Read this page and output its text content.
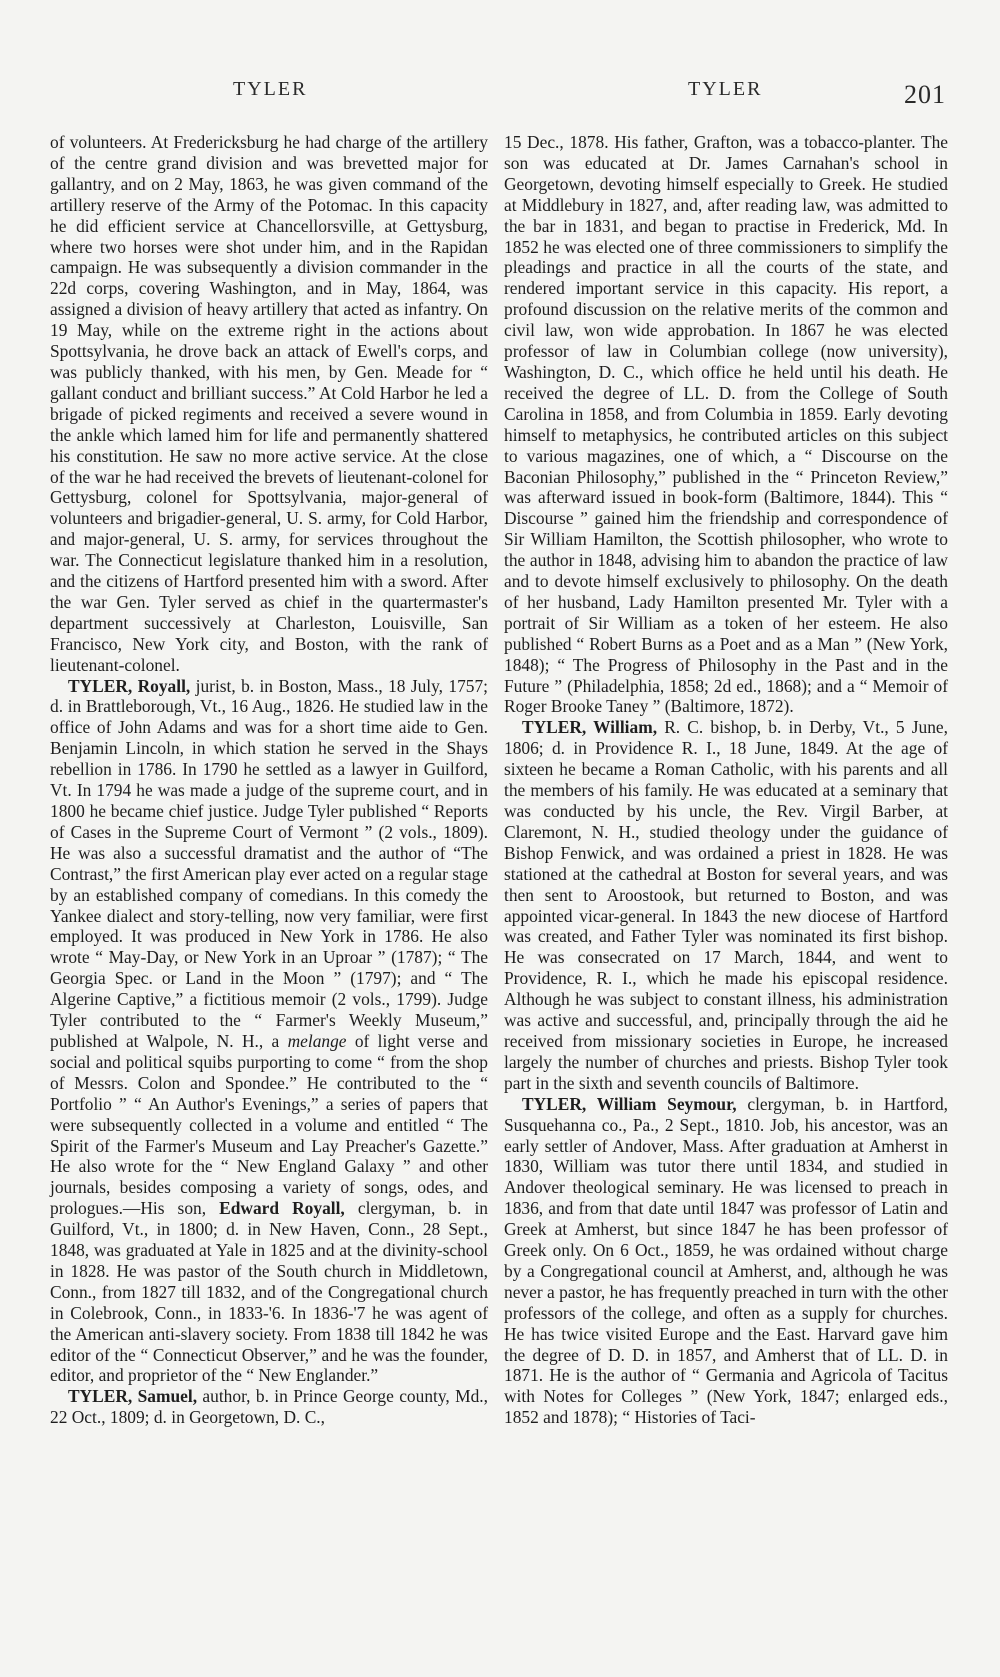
TYLER	TYLER	201

of volunteers. At Fredericksburg he had charge of the artillery of the centre grand division and was brevetted major for gallantry, and on 2 May, 1863, he was given command of the artillery reserve of the Army of the Potomac. In this capacity he did efficient service at Chancellorsville, at Gettysburg, where two horses were shot under him, and in the Rapidan campaign. He was subsequently a division commander in the 22d corps, covering Washington, and in May, 1864, was assigned a division of heavy artillery that acted as infantry. On 19 May, while on the extreme right in the actions about Spottsylvania, he drove back an attack of Ewell's corps, and was publicly thanked, with his men, by Gen. Meade for “ gallant conduct and brilliant success.” At Cold Harbor he led a brigade of picked regiments and received a severe wound in the ankle which lamed him for life and permanently shattered his constitution. He saw no more active service. At the close of the war he had received the brevets of lieutenant-colonel for Gettysburg, colonel for Spottsylvania, major-general of volunteers and brigadier-general, U. S. army, for Cold Harbor, and major-general, U. S. army, for services throughout the war. The Connecticut legislature thanked him in a resolution, and the citizens of Hartford presented him with a sword. After the war Gen. Tyler served as chief in the quartermaster's department successively at Charleston, Louisville, San Francisco, New York city, and Boston, with the rank of lieutenant-colonel.

TYLER, Royall, jurist, b. in Boston, Mass., 18 July, 1757; d. in Brattleborough, Vt., 16 Aug., 1826. He studied law in the office of John Adams and was for a short time aide to Gen. Benjamin Lincoln, in which station he served in the Shays rebellion in 1786. In 1790 he settled as a lawyer in Guilford, Vt. In 1794 he was made a judge of the supreme court, and in 1800 he became chief justice. Judge Tyler published “ Reports of Cases in the Supreme Court of Vermont ” (2 vols., 1809). He was also a successful dramatist and the author of “The Contrast,” the first American play ever acted on a regular stage by an established company of comedians. In this comedy the Yankee dialect and story-telling, now very familiar, were first employed. It was produced in New York in 1786. He also wrote “ May-Day, or New York in an Uproar ” (1787); “ The Georgia Spec. or Land in the Moon ” (1797); and “ The Algerine Captive,” a fictitious memoir (2 vols., 1799). Judge Tyler contributed to the “ Farmer's Weekly Museum,” published at Walpole, N. H., a melange of light verse and social and political squibs purporting to come “ from the shop of Messrs. Colon and Spondee.” He contributed to the “ Portfolio ” “ An Author's Evenings,” a series of papers that were subsequently collected in a volume and entitled “ The Spirit of the Farmer's Museum and Lay Preacher's Gazette.” He also wrote for the “ New England Galaxy ” and other journals, besides composing a variety of songs, odes, and prologues.—His son, Edward Royall, clergyman, b. in Guilford, Vt., in 1800; d. in New Haven, Conn., 28 Sept., 1848, was graduated at Yale in 1825 and at the divinity-school in 1828. He was pastor of the South church in Middletown, Conn., from 1827 till 1832, and of the Congregational church in Colebrook, Conn., in 1833-'6. In 1836-'7 he was agent of the American anti-slavery society. From 1838 till 1842 he was editor of the “ Connecticut Observer,” and he was the founder, editor, and proprietor of the “ New Englander.”

TYLER, Samuel, author, b. in Prince George county, Md., 22 Oct., 1809; d. in Georgetown, D. C.,

15 Dec., 1878. His father, Grafton, was a tobacco-planter. The son was educated at Dr. James Carnahan's school in Georgetown, devoting himself especially to Greek. He studied at Middlebury in 1827, and, after reading law, was admitted to the bar in 1831, and began to practise in Frederick, Md. In 1852 he was elected one of three commissioners to simplify the pleadings and practice in all the courts of the state, and rendered important service in this capacity. His report, a profound discussion on the relative merits of the common and civil law, won wide approbation. In 1867 he was elected professor of law in Columbian college (now university), Washington, D. C., which office he held until his death. He received the degree of LL. D. from the College of South Carolina in 1858, and from Columbia in 1859. Early devoting himself to metaphysics, he contributed articles on this subject to various magazines, one of which, a “ Discourse on the Baconian Philosophy,” published in the “ Princeton Review,” was afterward issued in book-form (Baltimore, 1844). This “ Discourse ” gained him the friendship and correspondence of Sir William Hamilton, the Scottish philosopher, who wrote to the author in 1848, advising him to abandon the practice of law and to devote himself exclusively to philosophy. On the death of her husband, Lady Hamilton presented Mr. Tyler with a portrait of Sir William as a token of her esteem. He also published “ Robert Burns as a Poet and as a Man ” (New York, 1848); “ The Progress of Philosophy in the Past and in the Future ” (Philadelphia, 1858; 2d ed., 1868); and a “ Memoir of Roger Brooke Taney ” (Baltimore, 1872).

TYLER, William, R. C. bishop, b. in Derby, Vt., 5 June, 1806; d. in Providence R. I., 18 June, 1849. At the age of sixteen he became a Roman Catholic, with his parents and all the members of his family. He was educated at a seminary that was conducted by his uncle, the Rev. Virgil Barber, at Claremont, N. H., studied theology under the guidance of Bishop Fenwick, and was ordained a priest in 1828. He was stationed at the cathedral at Boston for several years, and was then sent to Aroostook, but returned to Boston, and was appointed vicar-general. In 1843 the new diocese of Hartford was created, and Father Tyler was nominated its first bishop. He was consecrated on 17 March, 1844, and went to Providence, R. I., which he made his episcopal residence. Although he was subject to constant illness, his administration was active and successful, and, principally through the aid he received from missionary societies in Europe, he increased largely the number of churches and priests. Bishop Tyler took part in the sixth and seventh councils of Baltimore.

TYLER, William Seymour, clergyman, b. in Hartford, Susquehanna co., Pa., 2 Sept., 1810. Job, his ancestor, was an early settler of Andover, Mass. After graduation at Amherst in 1830, William was tutor there until 1834, and studied in Andover theological seminary. He was licensed to preach in 1836, and from that date until 1847 was professor of Latin and Greek at Amherst, but since 1847 he has been professor of Greek only. On 6 Oct., 1859, he was ordained without charge by a Congregational council at Amherst, and, although he was never a pastor, he has frequently preached in turn with the other professors of the college, and often as a supply for churches. He has twice visited Europe and the East. Harvard gave him the degree of D. D. in 1857, and Amherst that of LL. D. in 1871. He is the author of “ Germania and Agricola of Tacitus with Notes for Colleges ” (New York, 1847; enlarged eds., 1852 and 1878); “ Histories of Taci-
